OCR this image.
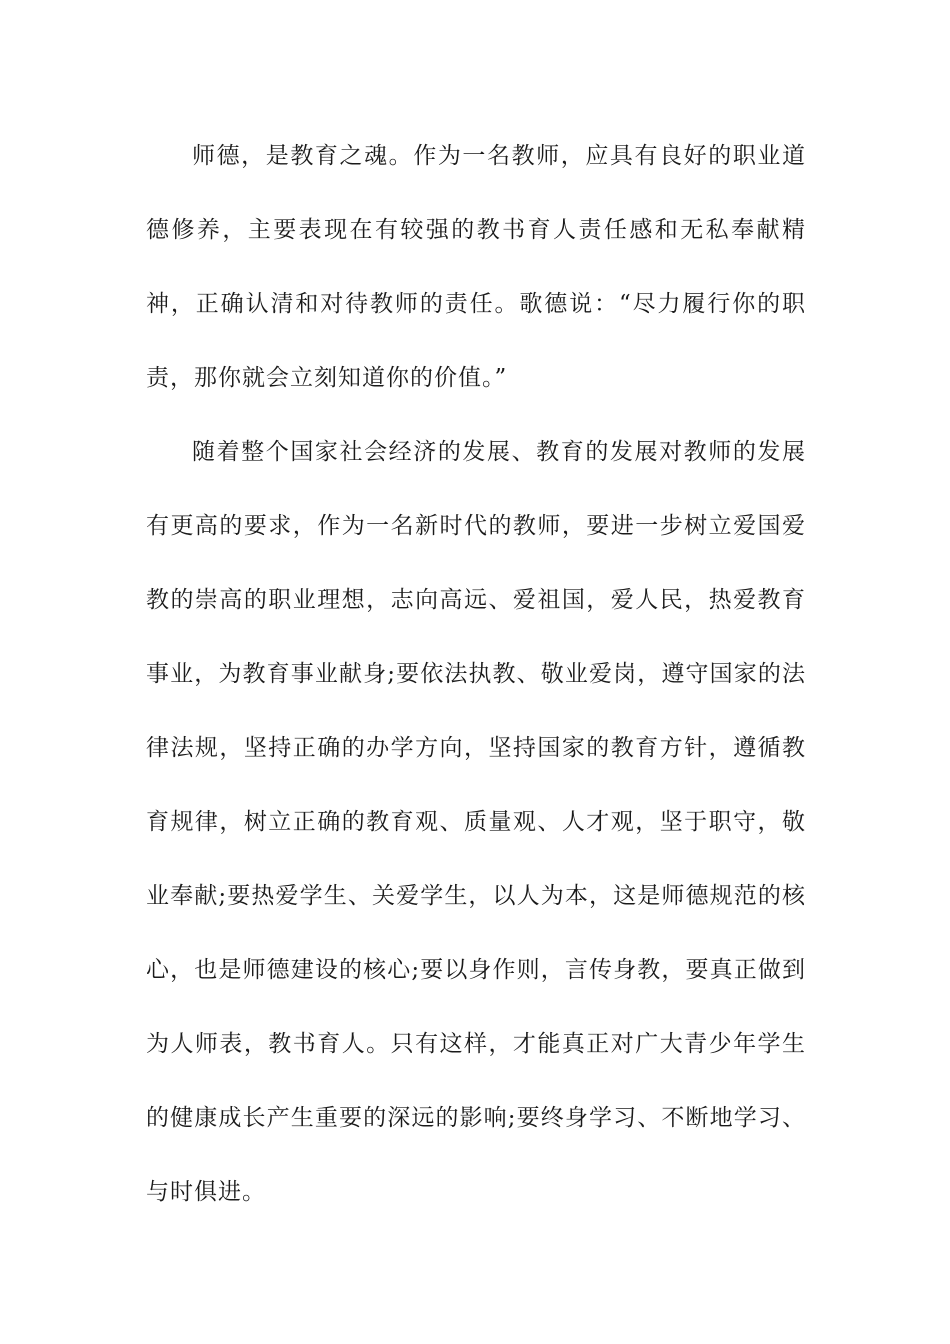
师德，是教育之魂。作为一名教师，应具有良好的职业道德修养，主要表现在有较强的教书育人责任感和无私奉献精神，正确认清和对待教师的责任。歌德说：“尽力履行你的职责，那你就会立刻知道你的价值。”

随着整个国家社会经济的发展、教育的发展对教师的发展有更高的要求，作为一名新时代的教师，要进一步树立爱国爱教的崇高的职业理想，志向高远、爱祖国，爱人民，热爱教育事业，为教育事业献身;要依法执教、敬业爱岗，遵守国家的法律法规，坚持正确的办学方向，坚持国家的教育方针，遵循教育规律，树立正确的教育观、质量观、人才观，坚于职守，敬业奉献;要热爱学生、关爱学生，以人为本，这是师德规范的核心，也是师德建设的核心;要以身作则，言传身教，要真正做到为人师表，教书育人。只有这样，才能真正对广大青少年学生的健康成长产生重要的深远的影响;要终身学习、不断地学习、与时俱进。
